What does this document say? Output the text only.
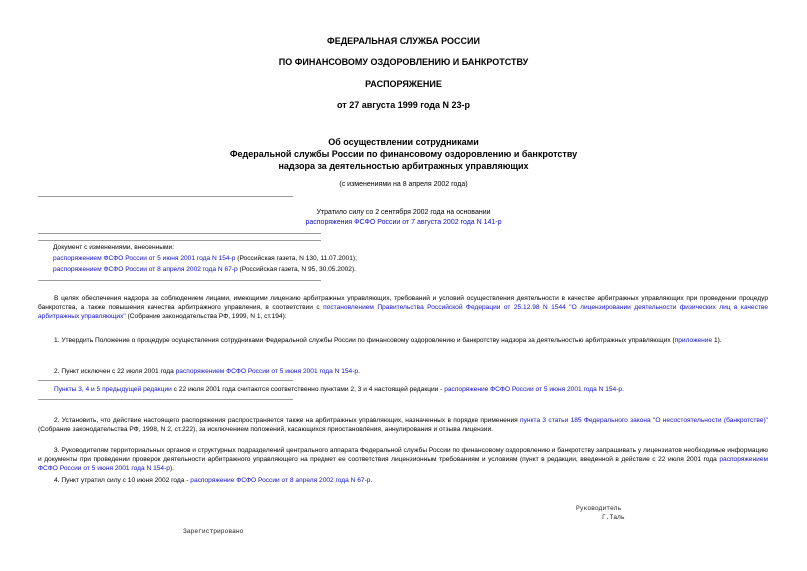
ФЕДЕРАЛЬНАЯ СЛУЖБА РОССИИ
ПО ФИНАНСОВОМУ ОЗДОРОВЛЕНИЮ И БАНКРОТСТВУ
РАСПОРЯЖЕНИЕ
от 27 августа 1999 года N 23-р
Об осуществлении сотрудниками
Федеральной службы России по финансовому оздоровлению и банкротству
надзора за деятельностью арбитражных управляющих
(с изменениями на 8 апреля 2002 года)
Утратило силу со 2 сентября 2002 года на основании
распоряжения ФСФО России от 7 августа 2002 года N 141-р
Документ с изменениями, внесенными:
распоряжением ФСФО России от 5 июня 2001 года N 154-р (Российская газета, N 130, 11.07.2001);
распоряжением ФСФО России от 8 апреля 2002 года N 67-р (Российская газета, N 95, 30.05.2002).
В целях обеспечения надзора за соблюдением лицами, имеющими лицензию арбитражных управляющих, требований и условий осуществления деятельности в качестве арбитражных управляющих при проведении процедур банкротства, а также повышения качества арбитражного управления, в соответствии с постановлением Правительства Российской Федерации от 25.12.98 N 1544 "О лицензировании деятельности физических лиц в качестве арбитражных управляющих" (Собрание законодательства РФ, 1999, N 1, ст.194):
1. Утвердить Положение о процедуре осуществления сотрудниками Федеральной службы России по финансовому оздоровлению и банкротству надзора за деятельностью арбитражных управляющих (приложение 1).
2. Пункт исключен с 22 июля 2001 года распоряжением ФСФО России от 5 июня 2001 года N 154-р.
Пункты 3, 4 и 5 предыдущей редакции с 22 июля 2001 года считаются соответственно пунктами 2, 3 и 4 настоящей редакции - распоряжение ФСФО России от 5 июня 2001 года N 154-р.
2. Установить, что действие настоящего распоряжения распространяется также на арбитражных управляющих, назначенных в порядке применения пункта 3 статьи 185 Федерального закона "О несостоятельности (банкротстве)" (Собрание законодательства РФ, 1998, N 2, ст.222), за исключением положений, касающихся приостановления, аннулирования и отзыва лицензии.
3. Руководителям территориальных органов и структурных подразделений центрального аппарата Федеральной службы России по финансовому оздоровлению и банкротству запрашивать у лицензиатов необходимые информацию и документы при проведении проверок деятельности арбитражного управляющего на предмет ее соответствия лицензионным требованиям и условиям (пункт в редакции, введенной в действие с 22 июля 2001 года распоряжением ФСФО России от 5 июня 2001 года N 154-р).
4. Пункт утратил силу с 10 июня 2002 года - распоряжение ФСФО России от 8 апреля 2002 года N 67-р.
Руководитель
Г.Таль
Зарегистрировано
